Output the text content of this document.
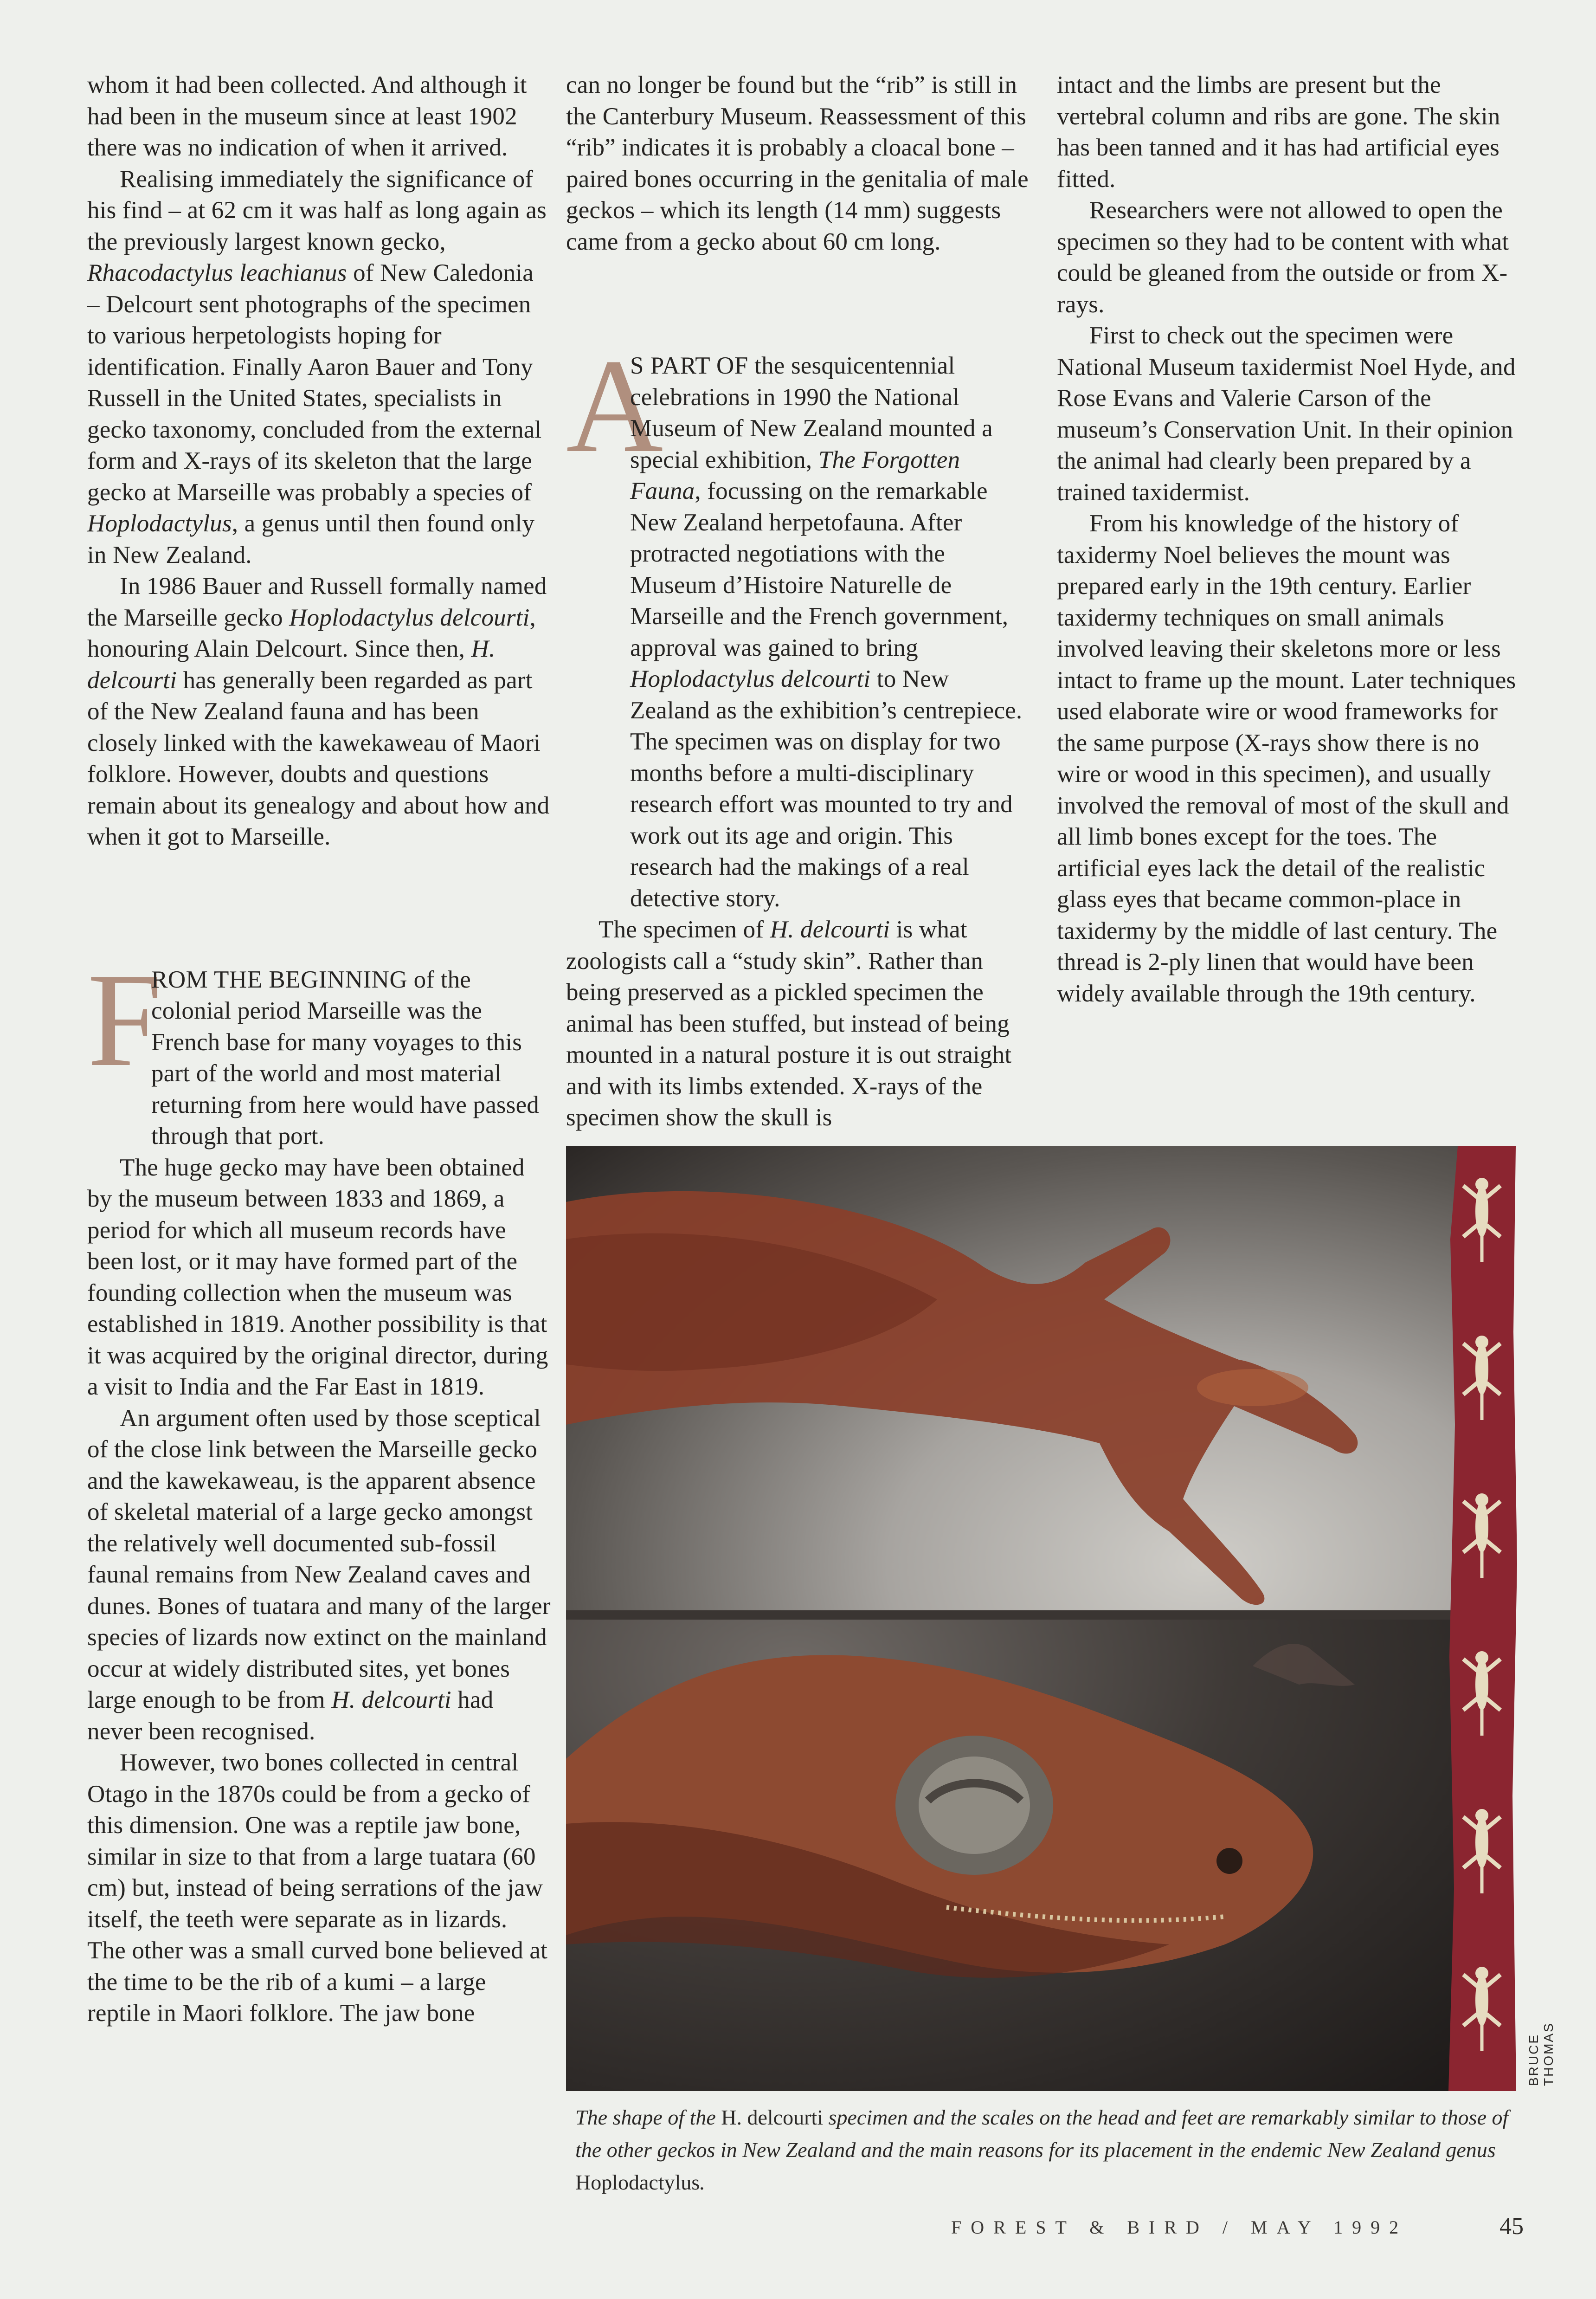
whom it had been collected. And although it had been in the museum since at least 1902 there was no indication of when it arrived.

Realising immediately the significance of his find – at 62 cm it was half as long again as the previously largest known gecko, Rhacodactylus leachianus of New Caledonia – Delcourt sent photographs of the specimen to various herpetologists hoping for identification. Finally Aaron Bauer and Tony Russell in the United States, specialists in gecko taxonomy, concluded from the external form and X-rays of its skeleton that the large gecko at Marseille was probably a species of Hoplodactylus, a genus until then found only in New Zealand.

In 1986 Bauer and Russell formally named the Marseille gecko Hoplodactylus delcourti, honouring Alain Delcourt. Since then, H. delcourti has generally been regarded as part of the New Zealand fauna and has been closely linked with the kawekaweau of Maori folklore. However, doubts and questions remain about its genealogy and about how and when it got to Marseille.

F
ROM THE BEGINNING of the colonial period Marseille was the French base for many voyages to this part of the world and most material returning from here would have passed through that port.

The huge gecko may have been obtained by the museum between 1833 and 1869, a period for which all museum records have been lost, or it may have formed part of the founding collection when the museum was established in 1819. Another possibility is that it was acquired by the original director, during a visit to India and the Far East in 1819.

An argument often used by those sceptical of the close link between the Marseille gecko and the kawekaweau, is the apparent absence of skeletal material of a large gecko amongst the relatively well documented sub-fossil faunal remains from New Zealand caves and dunes. Bones of tuatara and many of the larger species of lizards now extinct on the mainland occur at widely distributed sites, yet bones large enough to be from H. delcourti had never been recognised.

However, two bones collected in central Otago in the 1870s could be from a gecko of this dimension. One was a reptile jaw bone, similar in size to that from a large tuatara (60 cm) but, instead of being serrations of the jaw itself, the teeth were separate as in lizards. The other was a small curved bone believed at the time to be the rib of a kumi – a large reptile in Maori folklore. The jaw bone

can no longer be found but the “rib” is still in the Canterbury Museum. Reassessment of this “rib” indicates it is probably a cloacal bone – paired bones occurring in the genitalia of male geckos – which its length (14 mm) suggests came from a gecko about 60 cm long.

A
S PART OF the sesquicentennial celebrations in 1990 the National Museum of New Zealand mounted a special exhibition, The Forgotten Fauna, focussing on the remarkable New Zealand herpetofauna. After protracted negotiations with the Museum d’Histoire Naturelle de Marseille and the French government, approval was gained to bring Hoplodactylus delcourti to New Zealand as the exhibition’s centrepiece. The specimen was on display for two months before a multi-disciplinary research effort was mounted to try and work out its age and origin. This research had the makings of a real detective story.

The specimen of H. delcourti is what zoologists call a “study skin”. Rather than being preserved as a pickled specimen the animal has been stuffed, but instead of being mounted in a natural posture it is out straight and with its limbs extended. X-rays of the specimen show the skull is

intact and the limbs are present but the vertebral column and ribs are gone. The skin has been tanned and it has had artificial eyes fitted.

Researchers were not allowed to open the specimen so they had to be content with what could be gleaned from the outside or from X-rays.

First to check out the specimen were National Museum taxidermist Noel Hyde, and Rose Evans and Valerie Carson of the museum’s Conservation Unit. In their opinion the animal had clearly been prepared by a trained taxidermist.

From his knowledge of the history of taxidermy Noel believes the mount was prepared early in the 19th century. Earlier taxidermy techniques on small animals involved leaving their skeletons more or less intact to frame up the mount. Later techniques used elaborate wire or wood frameworks for the same purpose (X-rays show there is no wire or wood in this specimen), and usually involved the removal of most of the skull and all limb bones except for the toes. The artificial eyes lack the detail of the realistic glass eyes that became common-place in taxidermy by the middle of last century. The thread is 2-ply linen that would have been widely available through the 19th century.

BRUCE THOMAS
The shape of the H. delcourti specimen and the scales on the head and feet are remarkably similar to those of the other geckos in New Zealand and the main reasons for its placement in the endemic New Zealand genus Hoplodactylus.
FOREST & BIRD / MAY 1992	45
